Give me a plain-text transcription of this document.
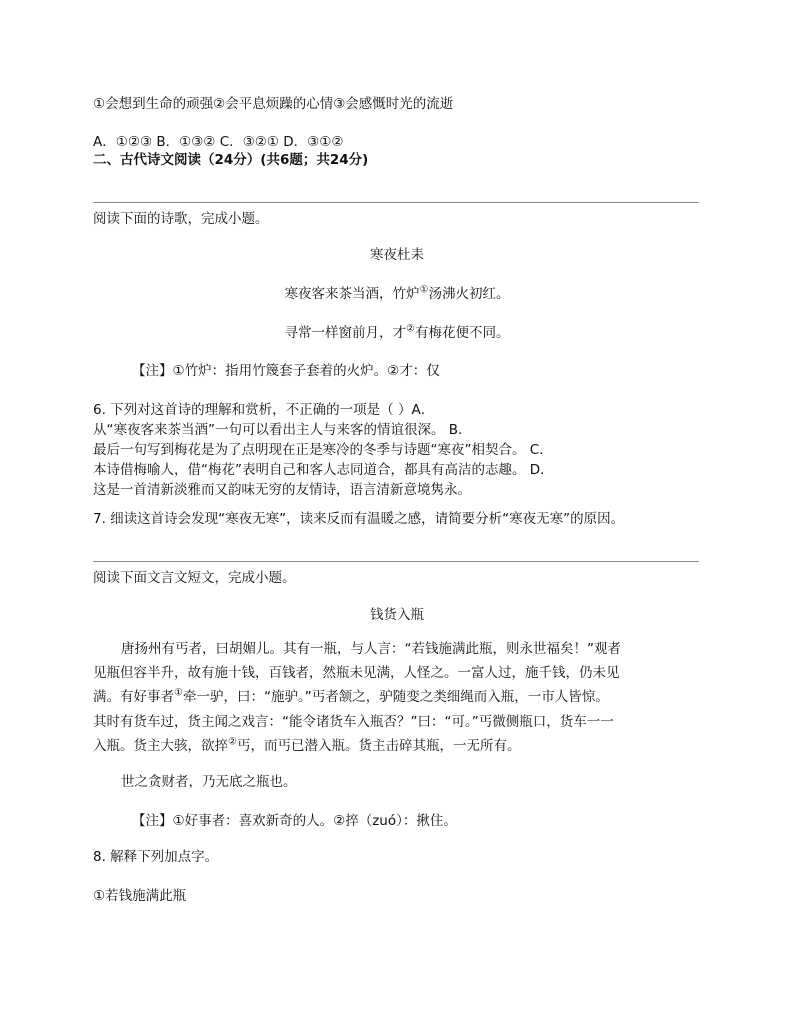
①会想到生命的顽强②会平息烦躁的心情③会感慨时光的流逝
A．①②③ B．①③② C．③②① D．③①②
二、古代诗文阅读（24分）(共6题；共24分)
阅读下面的诗歌，完成小题。
寒夜杜耒
寒夜客来茶当酒，竹炉①汤沸火初红。
寻常一样窗前月，才②有梅花便不同。
【注】①竹炉：指用竹篾套子套着的火炉。②才：仅
6. 下列对这首诗的理解和赏析，不正确的一项是（ ）A．
从“寒夜客来茶当酒”一句可以看出主人与来客的情谊很深。 B．
最后一句写到梅花是为了点明现在正是寒冷的冬季与诗题“寒夜”相契合。 C．
本诗借梅喻人，借“梅花”表明自己和客人志同道合，都具有高洁的志趣。 D．
这是一首清新淡雅而又韵味无穷的友情诗，语言清新意境隽永。
7. 细读这首诗会发现“寒夜无寒”，读来反而有温暖之感，请简要分析“寒夜无寒”的原因。
阅读下面文言文短文，完成小题。
钱货入瓶
唐扬州有丐者，曰胡媚儿。其有一瓶，与人言：“若钱施满此瓶，则永世福矣！”观者
见瓶但容半升，故有施十钱，百钱者，然瓶未见满，人怪之。一富人过，施千钱，仍未见
满。有好事者①牵一驴，曰：“施驴。”丐者颔之，驴随变之类细绳而入瓶，一市人皆惊。
其时有货车过，货主闻之戏言：“能令诸货车入瓶否？”曰：“可。”丐微侧瓶口，货车一一
入瓶。货主大骇，欲捽②丐，而丐已潜入瓶。货主击碎其瓶，一无所有。
世之贪财者，乃无底之瓶也。
【注】①好事者：喜欢新奇的人。②捽（zuó）：揪住。
8. 解释下列加点字。
①若钱施满此瓶
